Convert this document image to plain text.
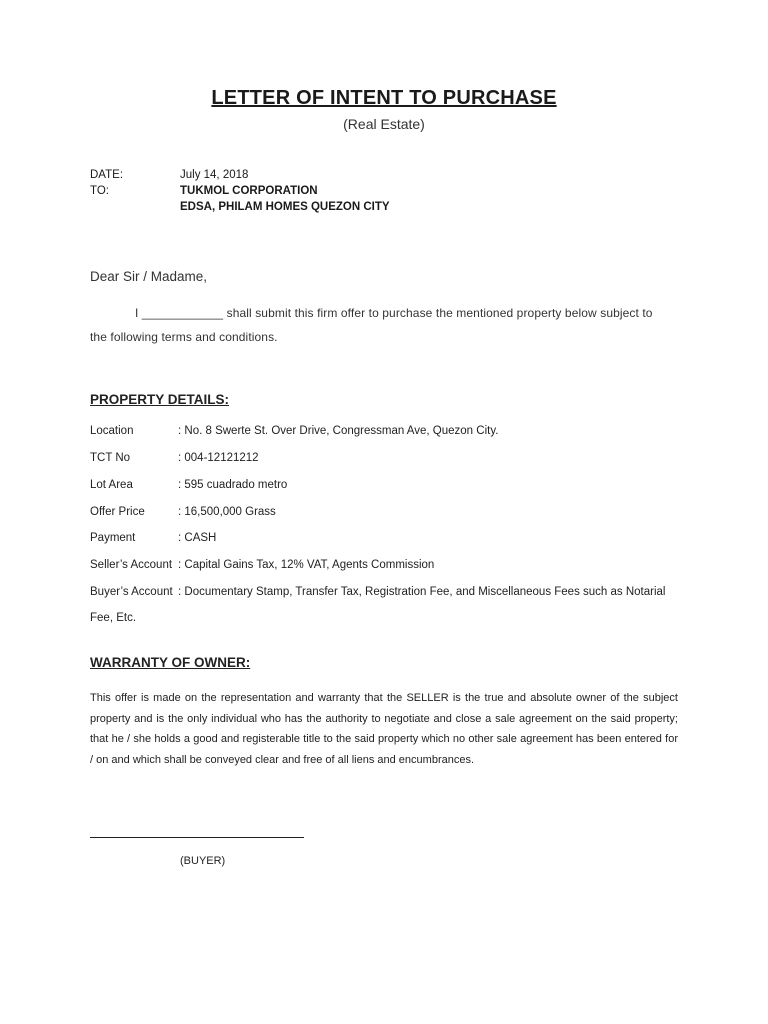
LETTER OF INTENT TO PURCHASE
(Real Estate)
DATE:	July 14, 2018
TO:	TUKMOL CORPORATION
EDSA, PHILAM HOMES QUEZON CITY
Dear Sir / Madame,
I ____________ shall submit this firm offer to purchase the mentioned property below subject to
the following terms and conditions.
PROPERTY DETAILS:
Location	: No. 8 Swerte St. Over Drive, Congressman Ave, Quezon City.
TCT No	: 004-12121212
Lot Area	: 595 cuadrado metro
Offer Price	: 16,500,000 Grass
Payment	: CASH
Seller’s Account : Capital Gains Tax, 12% VAT, Agents Commission
Buyer’s Account : Documentary Stamp, Transfer Tax, Registration Fee, and Miscellaneous Fees such as Notarial
Fee, Etc.
WARRANTY OF OWNER:
This offer is made on the representation and warranty that the SELLER is the true and absolute owner of the subject property and is the only individual who has the authority to negotiate and close a sale agreement on the said property; that he / she holds a good and registerable title to the said property which no other sale agreement has been entered for / on and which shall be conveyed clear and free of all liens and encumbrances.
(BUYER)
